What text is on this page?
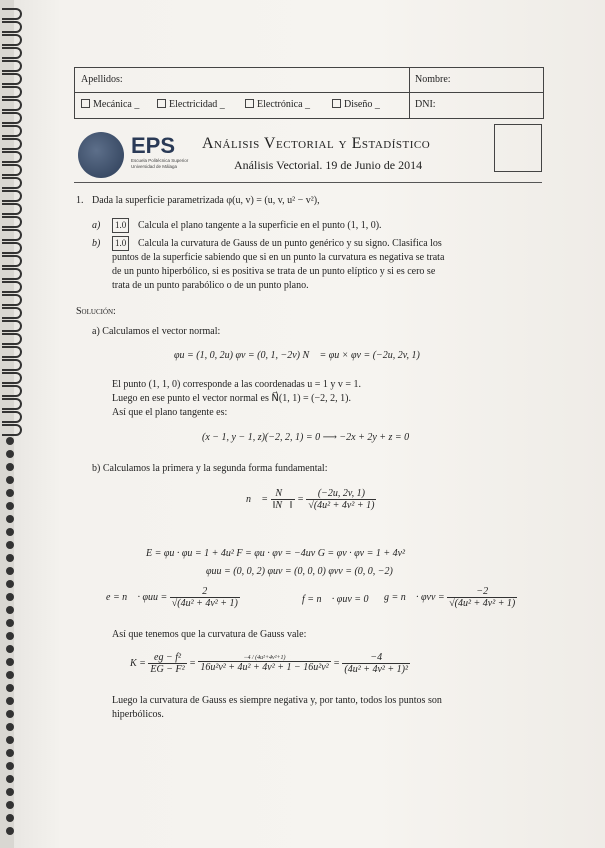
Apellidos:	Nombre:
Mecánica _	Electricidad _	Electrónica _	Diseño _	DNI:
EPS
Escuela Politécnica Superior
Universidad de Málaga
Análisis Vectorial y Estadístico
Análisis Vectorial. 19 de Junio de 2014
1. Dada la superficie parametrizada φ(u, v) = (u, v, u² − v²),
a)	1.0	Calcula el plano tangente a la superficie en el punto (1, 1, 0).
b)	1.0	Calcula la curvatura de Gauss de un punto genérico y su signo. Clasifica los
puntos de la superficie sabiendo que si en un punto la curvatura es negativa se trata
de un punto hiperbólico, si es positiva se trata de un punto elíptico y si es cero se
trata de un punto parabólico o de un punto plano.
Solución:
a) Calculamos el vector normal:
φu = (1, 0, 2u) φv = (0, 1, −2v) N⃗ = φu × φv = (−2u, 2v, 1)
El punto (1, 1, 0) corresponde a las coordenadas u = 1 y v = 1.
Luego en ese punto el vector normal es N⃗(1, 1) = (−2, 2, 1).
Así que el plano tangente es:
(x − 1, y − 1, z)(−2, 2, 1) = 0 ⟶ −2x + 2y + z = 0
b) Calculamos la primera y la segunda forma fundamental:
n⃗ = $\frac{N⃗}{‖N⃗‖} = \frac{(-2u, 2v, 1)}{\text{√(4u² + 4v² + 1)}}$
E = φu · φu = 1 + 4u² F = φu · φv = −4uv G = φv · φv = 1 + 4v²
φuu = (0, 0, 2) φuv = (0, 0, 0) φvv = (0, 0, −2)
e = n⃗ · $\varphi uu = \frac{2}{\text{√(4u² + 4v² + 1)}}$	f = n⃗ · φuv = 0 g = n⃗ · $\varphi vv = \frac{-2}{\text{√(4u² + 4v² + 1)}}$
Así que tenemos que la curvatura de Gauss vale:
$K = \frac{\text{eg − f²}}{\text{EG − F²}} = \frac{\text{−4 / (4u²+4v²+1)}}{\text{16u²v² + 4u² + 4v² + 1 − 16u²v²}} = \frac{-4}{\text{(4u² + 4v² + 1)²}}$
Luego la curvatura de Gauss es siempre negativa y, por tanto, todos los puntos son
hiperbólicos.
